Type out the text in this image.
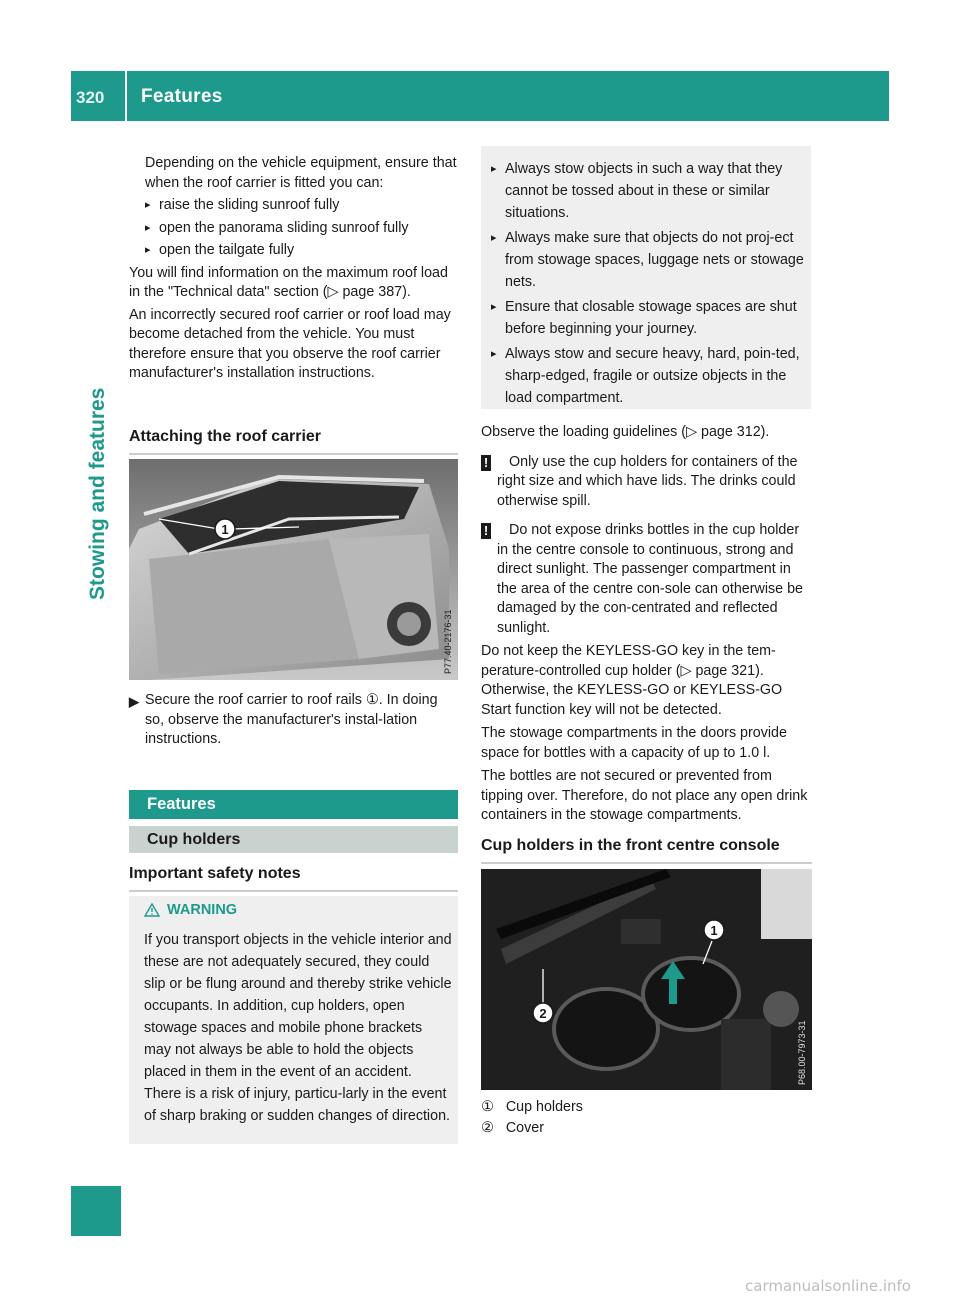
320 Features
Stowing and features

Depending on the vehicle equipment, ensure that when the roof carrier is fitted you can:

▸ raise the sliding sunroof fully
▸ open the panorama sliding sunroof fully
▸ open the tailgate fully

You will find information on the maximum roof load in the "Technical data" section (▷ page 387).

An incorrectly secured roof carrier or roof load may become detached from the vehicle. You must therefore ensure that you observe the roof carrier manufacturer's installation instructions.

Attaching the roof carrier
1
P77.40-2176-31
▶ Secure the roof carrier to roof rails ①. In doing so, observe the manufacturer's instal-lation instructions.
Features
Cup holders
Important safety notes
WARNING
If you transport objects in the vehicle interior and these are not adequately secured, they could slip or be flung around and thereby strike vehicle occupants. In addition, cup holders, open stowage spaces and mobile phone brackets may not always be able to hold the objects placed in them in the event of an accident. There is a risk of injury, particu-larly in the event of sharp braking or sudden changes of direction.
▸ Always stow objects in such a way that they cannot be tossed about in these or similar situations.
▸ Always make sure that objects do not proj-ect from stowage spaces, luggage nets or stowage nets.
▸ Ensure that closable stowage spaces are shut before beginning your journey.
▸ Always stow and secure heavy, hard, poin-ted, sharp-edged, fragile or outsize objects in the load compartment.

Observe the loading guidelines (▷ page 312).

!	Only use the cup holders for containers of the right size and which have lids. The drinks could otherwise spill.
!	Do not expose drinks bottles in the cup holder in the centre console to continuous, strong and direct sunlight. The passenger compartment in the area of the centre con-sole can otherwise be damaged by the con-centrated and reflected sunlight.

Do not keep the KEYLESS-GO key in the tem-perature-controlled cup holder (▷ page 321). Otherwise, the KEYLESS-GO or KEYLESS-GO Start function key will not be detected.

The stowage compartments in the doors provide space for bottles with a capacity of up to 1.0 l.

The bottles are not secured or prevented from tipping over. Therefore, do not place any open drink containers in the stowage compartments.

Cup holders in the front centre console
1
2
P68.00-7973-31
① Cup holders
② Cover
carmanualsonline.info
